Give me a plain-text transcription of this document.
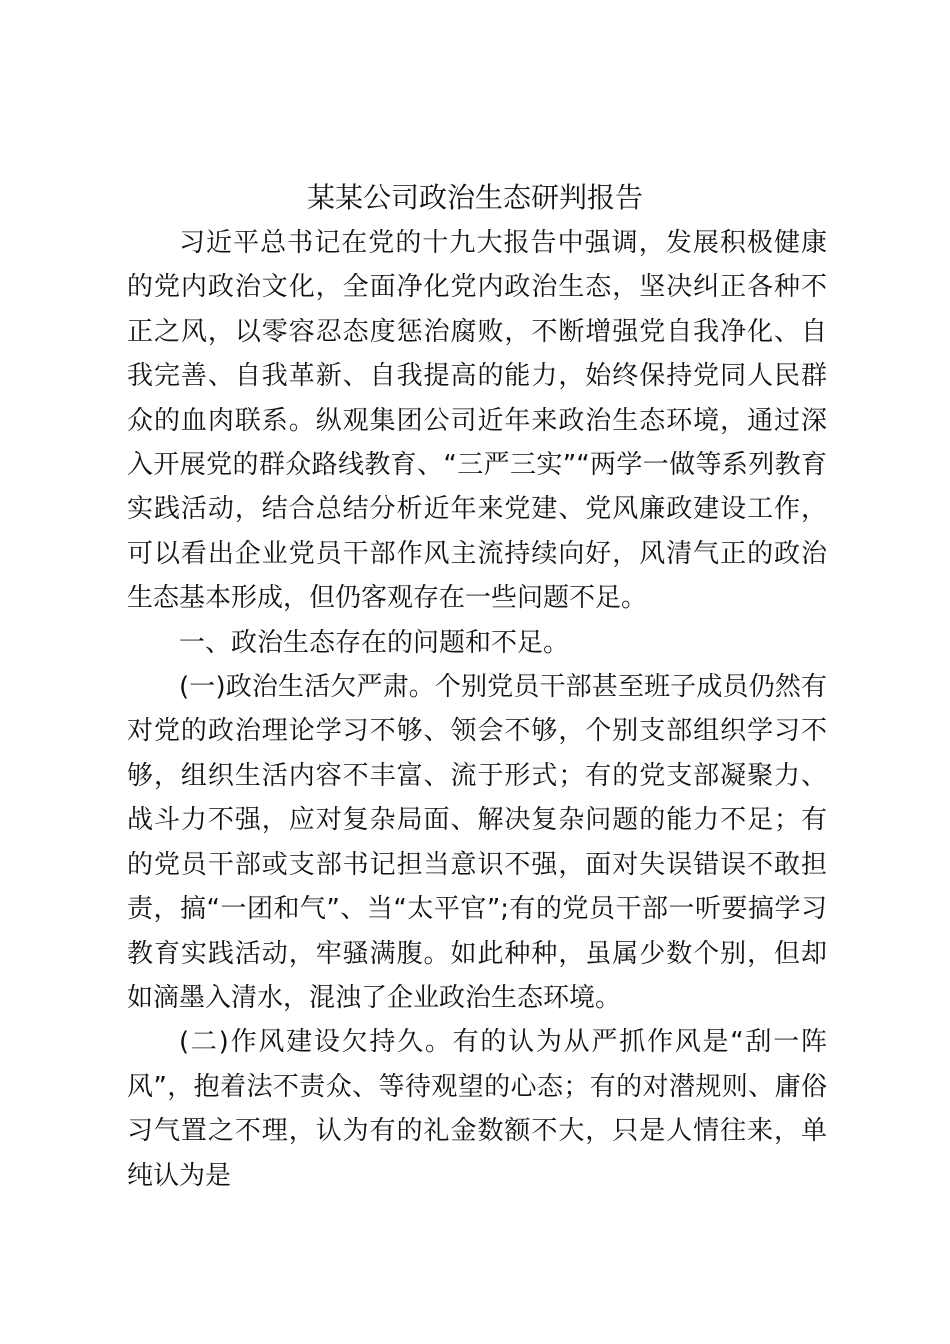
某某公司政治生态研判报告

习近平总书记在党的十九大报告中强调，发展积极健康的党内政治文化，全面净化党内政治生态，坚决纠正各种不正之风，以零容忍态度惩治腐败，不断增强党自我净化、自我完善、自我革新、自我提高的能力，始终保持党同人民群众的血肉联系。纵观集团公司近年来政治生态环境，通过深入开展党的群众路线教育、“三严三实”“两学一做等系列教育实践活动，结合总结分析近年来党建、党风廉政建设工作，可以看出企业党员干部作风主流持续向好，风清气正的政治生态基本形成，但仍客观存在一些问题不足。

一、政治生态存在的问题和不足。

(一)政治生活欠严肃。个别党员干部甚至班子成员仍然有对党的政治理论学习不够、领会不够，个别支部组织学习不够，组织生活内容不丰富、流于形式；有的党支部凝聚力、战斗力不强，应对复杂局面、解决复杂问题的能力不足；有的党员干部或支部书记担当意识不强，面对失误错误不敢担责，搞“一团和气”、当“太平官”;有的党员干部一听要搞学习教育实践活动，牢骚满腹。如此种种，虽属少数个别，但却如滴墨入清水，混浊了企业政治生态环境。

(二)作风建设欠持久。有的认为从严抓作风是“刮一阵风”，抱着法不责众、等待观望的心态；有的对潜规则、庸俗习气置之不理，认为有的礼金数额不大，只是人情往来，单纯认为是
